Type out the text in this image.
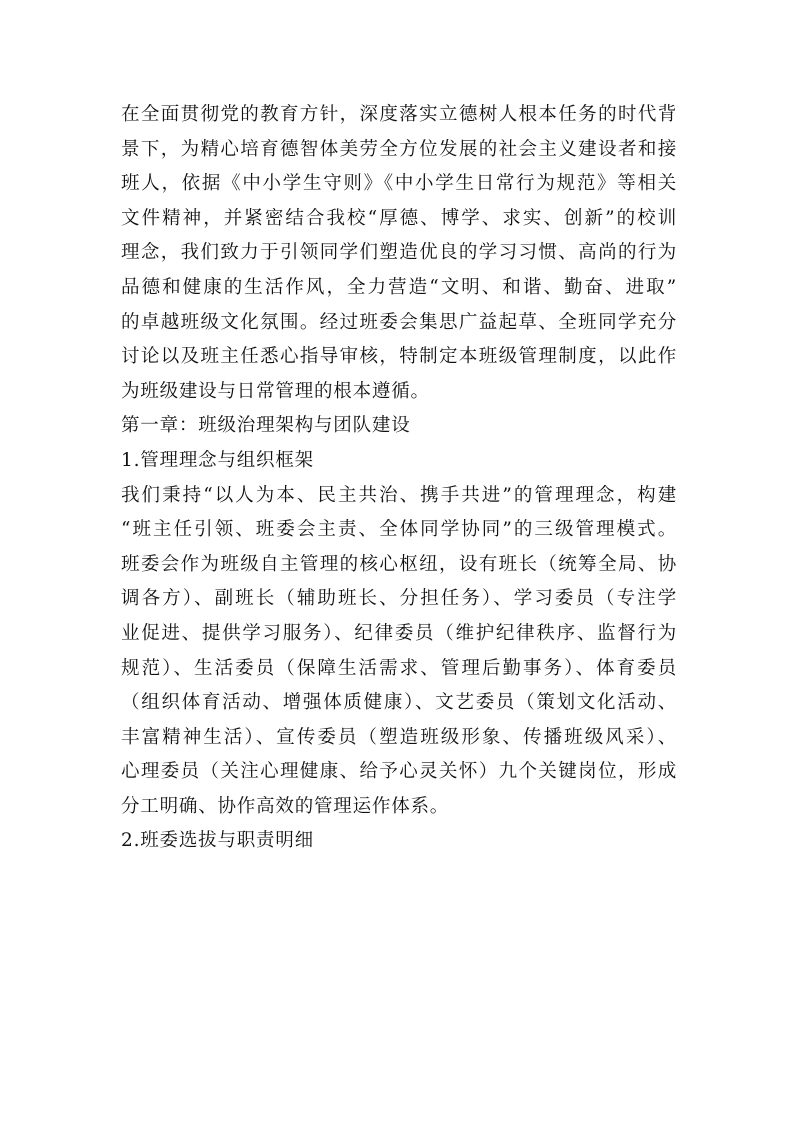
在全面贯彻党的教育方针，深度落实立德树人根本任务的时代背
景下，为精心培育德智体美劳全方位发展的社会主义建设者和接
班人，依据《中小学生守则》《中小学生日常行为规范》等相关
文件精神，并紧密结合我校“厚德、博学、求实、创新”的校训
理念，我们致力于引领同学们塑造优良的学习习惯、高尚的行为
品德和健康的生活作风，全力营造“文明、和谐、勤奋、进取”
的卓越班级文化氛围。经过班委会集思广益起草、全班同学充分
讨论以及班主任悉心指导审核，特制定本班级管理制度，以此作
为班级建设与日常管理的根本遵循。
第一章：班级治理架构与团队建设
1.管理理念与组织框架
我们秉持“以人为本、民主共治、携手共进”的管理理念，构建
“班主任引领、班委会主责、全体同学协同”的三级管理模式。
班委会作为班级自主管理的核心枢纽，设有班长（统筹全局、协
调各方）、副班长（辅助班长、分担任务）、学习委员（专注学
业促进、提供学习服务）、纪律委员（维护纪律秩序、监督行为
规范）、生活委员（保障生活需求、管理后勤事务）、体育委员
（组织体育活动、增强体质健康）、文艺委员（策划文化活动、
丰富精神生活）、宣传委员（塑造班级形象、传播班级风采）、
心理委员（关注心理健康、给予心灵关怀）九个关键岗位，形成
分工明确、协作高效的管理运作体系。
2.班委选拔与职责明细
